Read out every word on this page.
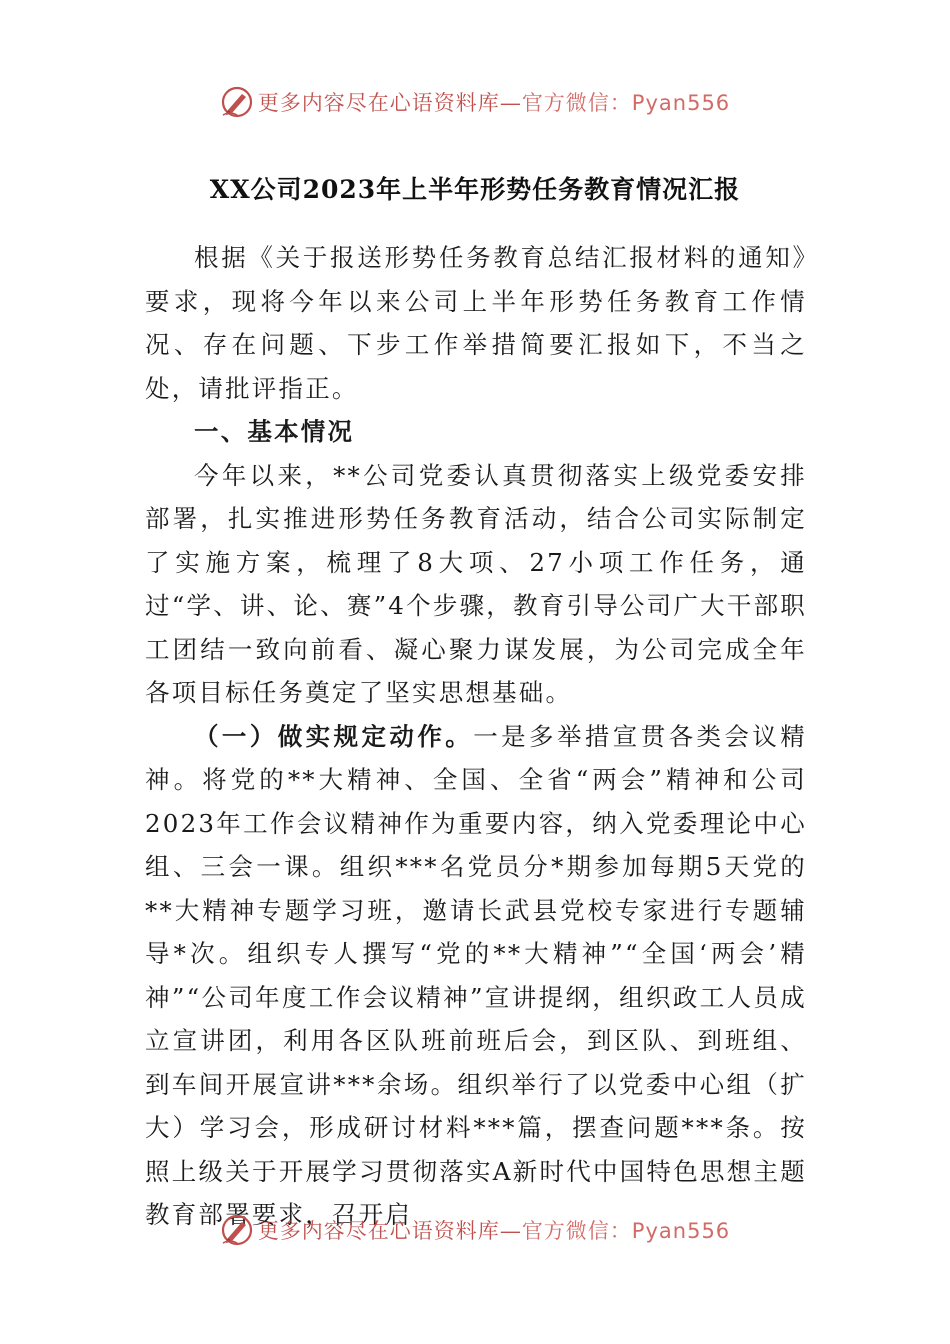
更多内容尽在心语资料库—官方微信：Pyan556
XX公司2023年上半年形势任务教育情况汇报

根据《关于报送形势任务教育总结汇报材料的通知》要求，现将今年以来公司上半年形势任务教育工作情况、存在问题、下步工作举措简要汇报如下，不当之处，请批评指正。

一、基本情况

今年以来，**公司党委认真贯彻落实上级党委安排部署，扎实推进形势任务教育活动，结合公司实际制定了实施方案，梳理了8大项、27小项工作任务，通过“学、讲、论、赛”4个步骤，教育引导公司广大干部职工团结一致向前看、凝心聚力谋发展，为公司完成全年各项目标任务奠定了坚实思想基础。

（一）做实规定动作。一是多举措宣贯各类会议精神。将党的**大精神、全国、全省“两会”精神和公司2023年工作会议精神作为重要内容，纳入党委理论中心组、三会一课。组织***名党员分*期参加每期5天党的**大精神专题学习班，邀请长武县党校专家进行专题辅导*次。组织专人撰写“党的**大精神”“全国‘两会’精神”“公司年度工作会议精神”宣讲提纲，组织政工人员成立宣讲团，利用各区队班前班后会，到区队、到班组、到车间开展宣讲***余场。组织举行了以党委中心组（扩大）学习会，形成研讨材料***篇，摆查问题***条。按照上级关于开展学习贯彻落实A新时代中国特色思想主题教育部署要求，召开启

更多内容尽在心语资料库—官方微信：Pyan556
